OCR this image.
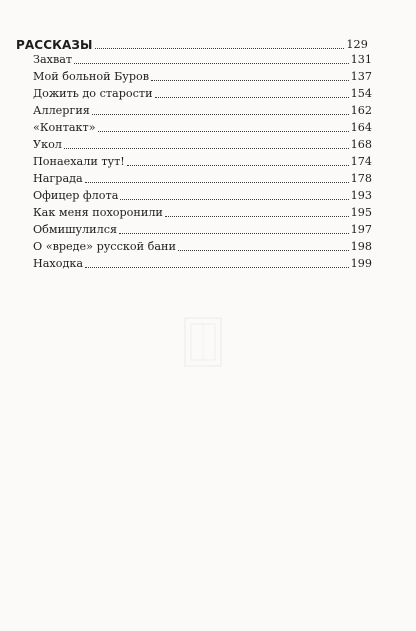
РАССКАЗЫ	129
Захват	131
Мой больной Буров	137
Дожить до старости	154
Аллергия	162
«Контакт»	164
Укол	168
Понаехали тут!	174
Награда	178
Офицер флота	193
Как меня похоронили	195
Обмишулился	197
О «вреде» русской бани	198
Находка	199
